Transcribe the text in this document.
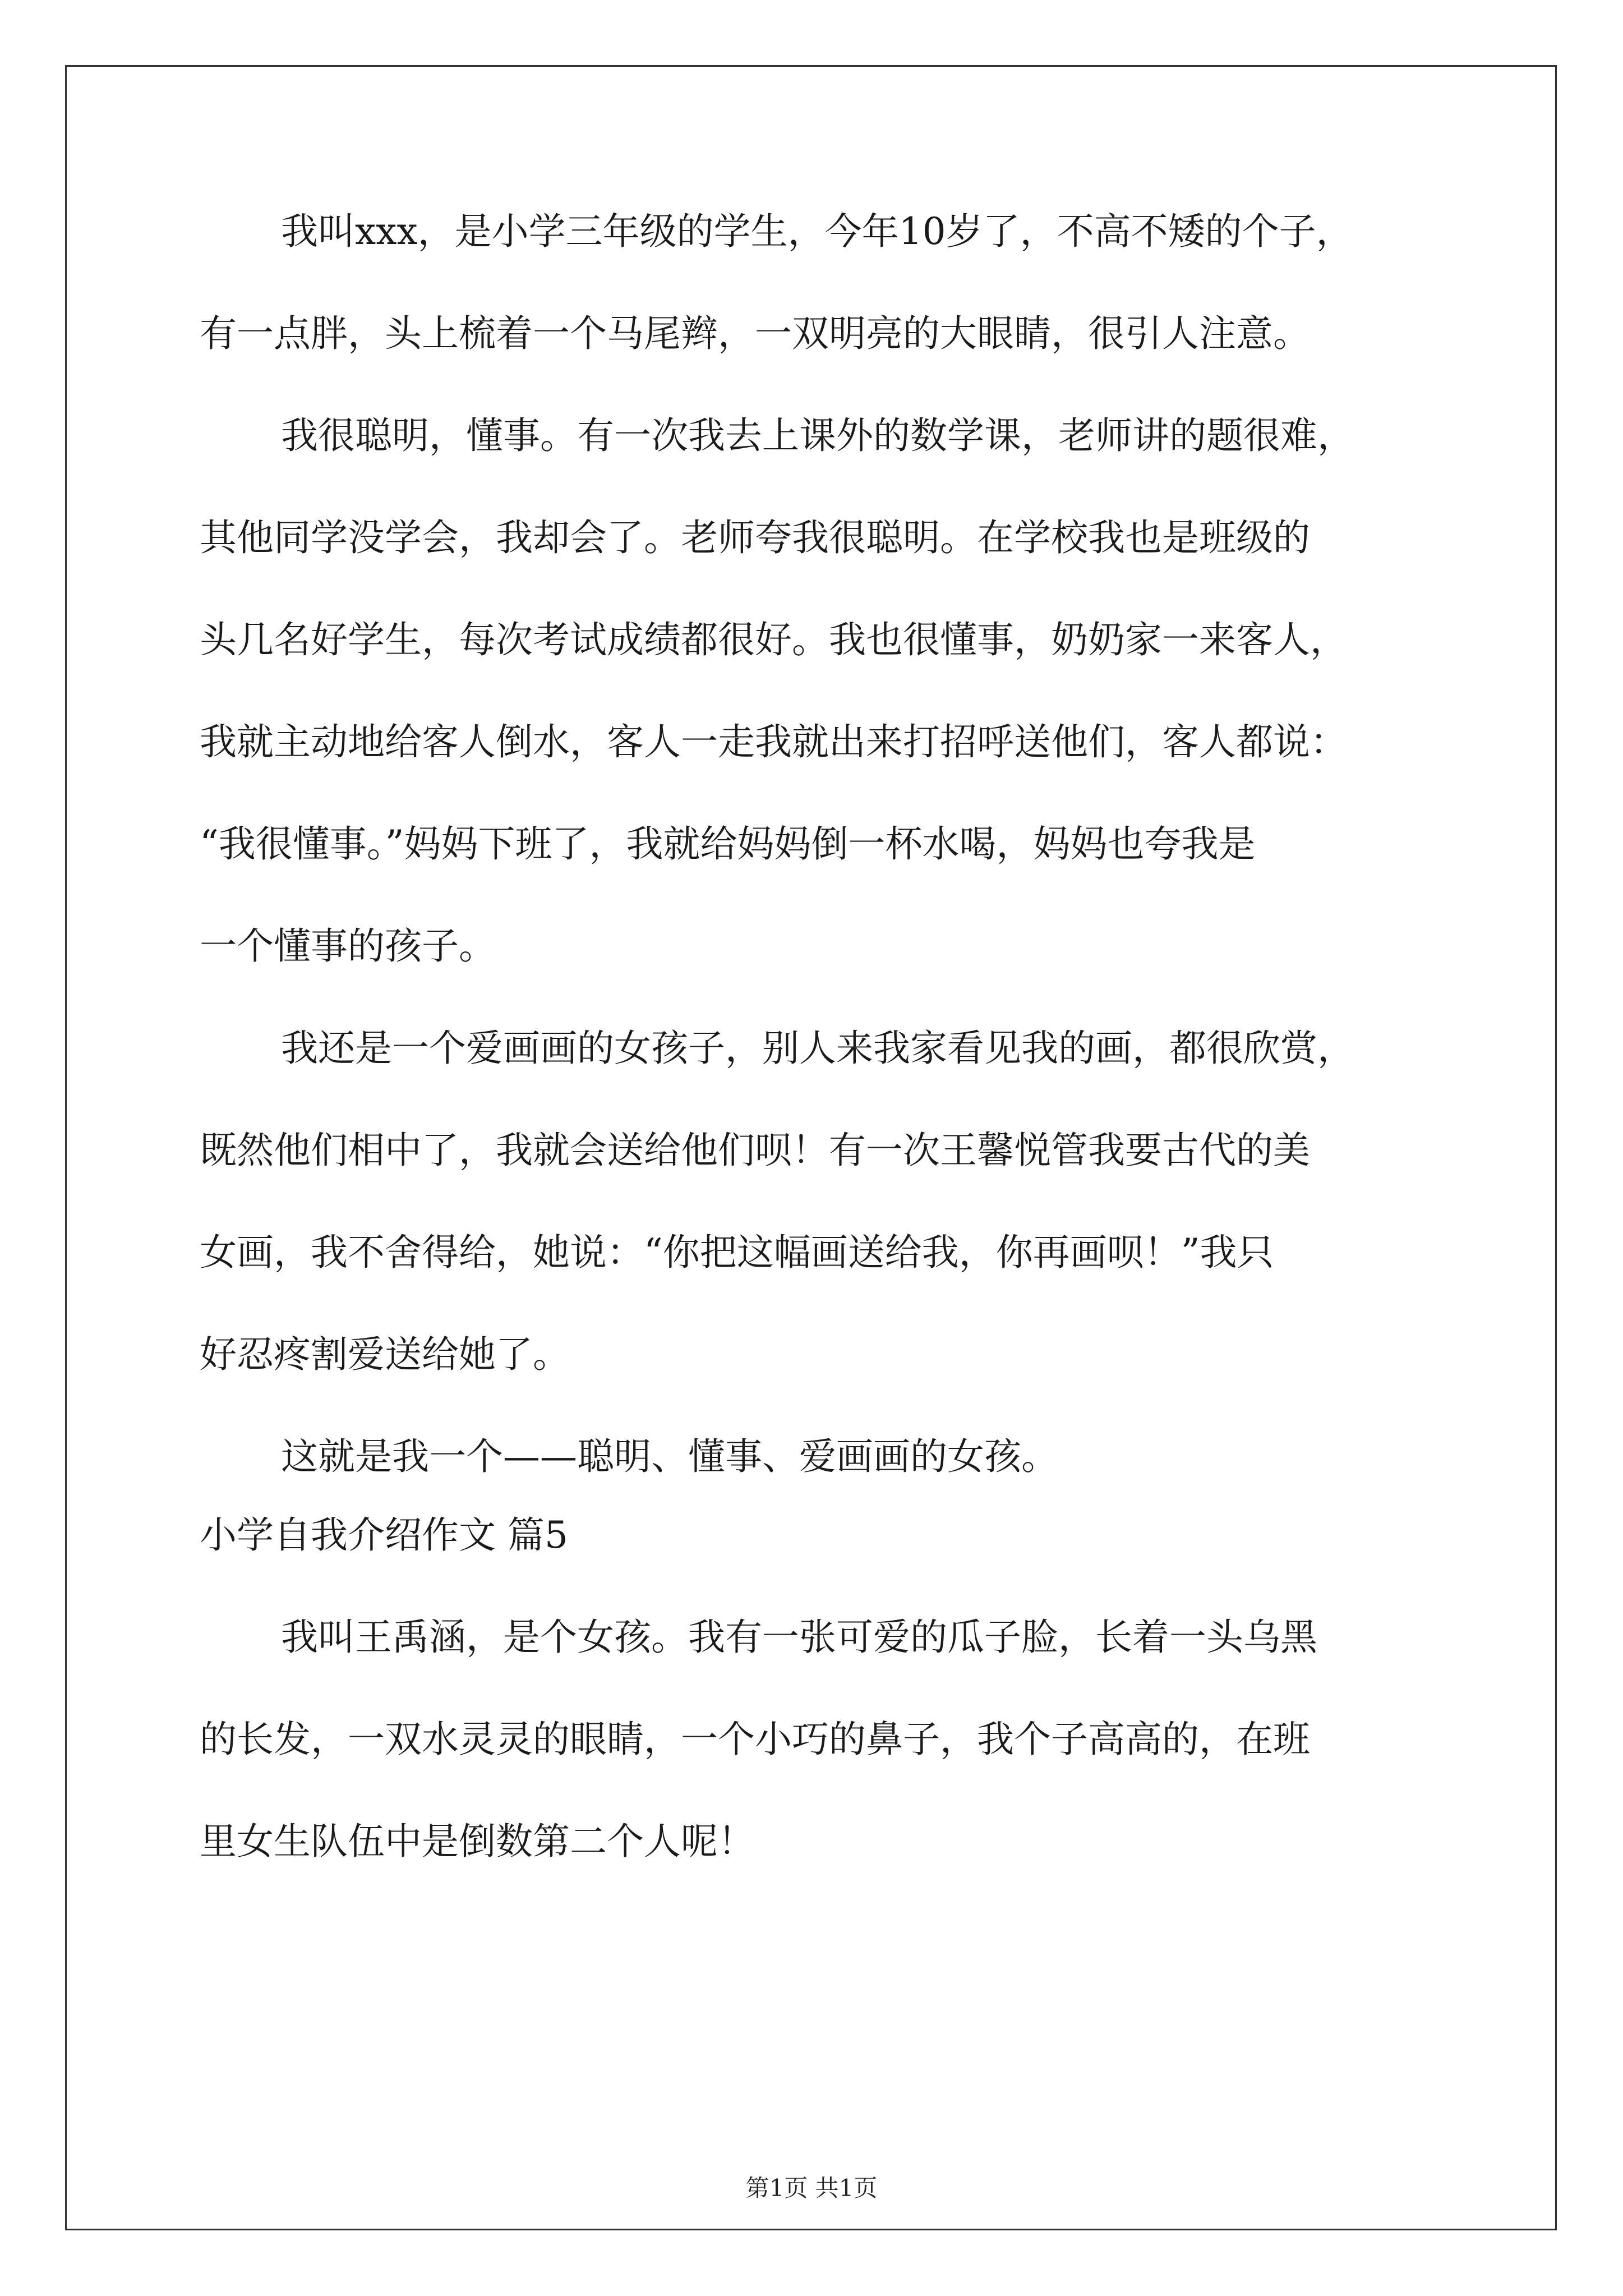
我叫xxx，是小学三年级的学生，今年10岁了，不高不矮的个子，
有一点胖，头上梳着一个马尾辫，一双明亮的大眼睛，很引人注意。
我很聪明，懂事。有一次我去上课外的数学课，老师讲的题很难，
其他同学没学会，我却会了。老师夸我很聪明。在学校我也是班级的
头几名好学生，每次考试成绩都很好。我也很懂事，奶奶家一来客人，
我就主动地给客人倒水，客人一走我就出来打招呼送他们，客人都说：
“我很懂事。”妈妈下班了，我就给妈妈倒一杯水喝，妈妈也夸我是
一个懂事的孩子。
我还是一个爱画画的女孩子，别人来我家看见我的画，都很欣赏，
既然他们相中了，我就会送给他们呗！有一次王馨悦管我要古代的美
女画，我不舍得给，她说：“你把这幅画送给我，你再画呗！”我只
好忍疼割爱送给她了。
这就是我一个——聪明、懂事、爱画画的女孩。
小学自我介绍作文 篇5
我叫王禹涵，是个女孩。我有一张可爱的瓜子脸，长着一头乌黑
的长发，一双水灵灵的眼睛，一个小巧的鼻子，我个子高高的，在班
里女生队伍中是倒数第二个人呢！
第1页 共1页
